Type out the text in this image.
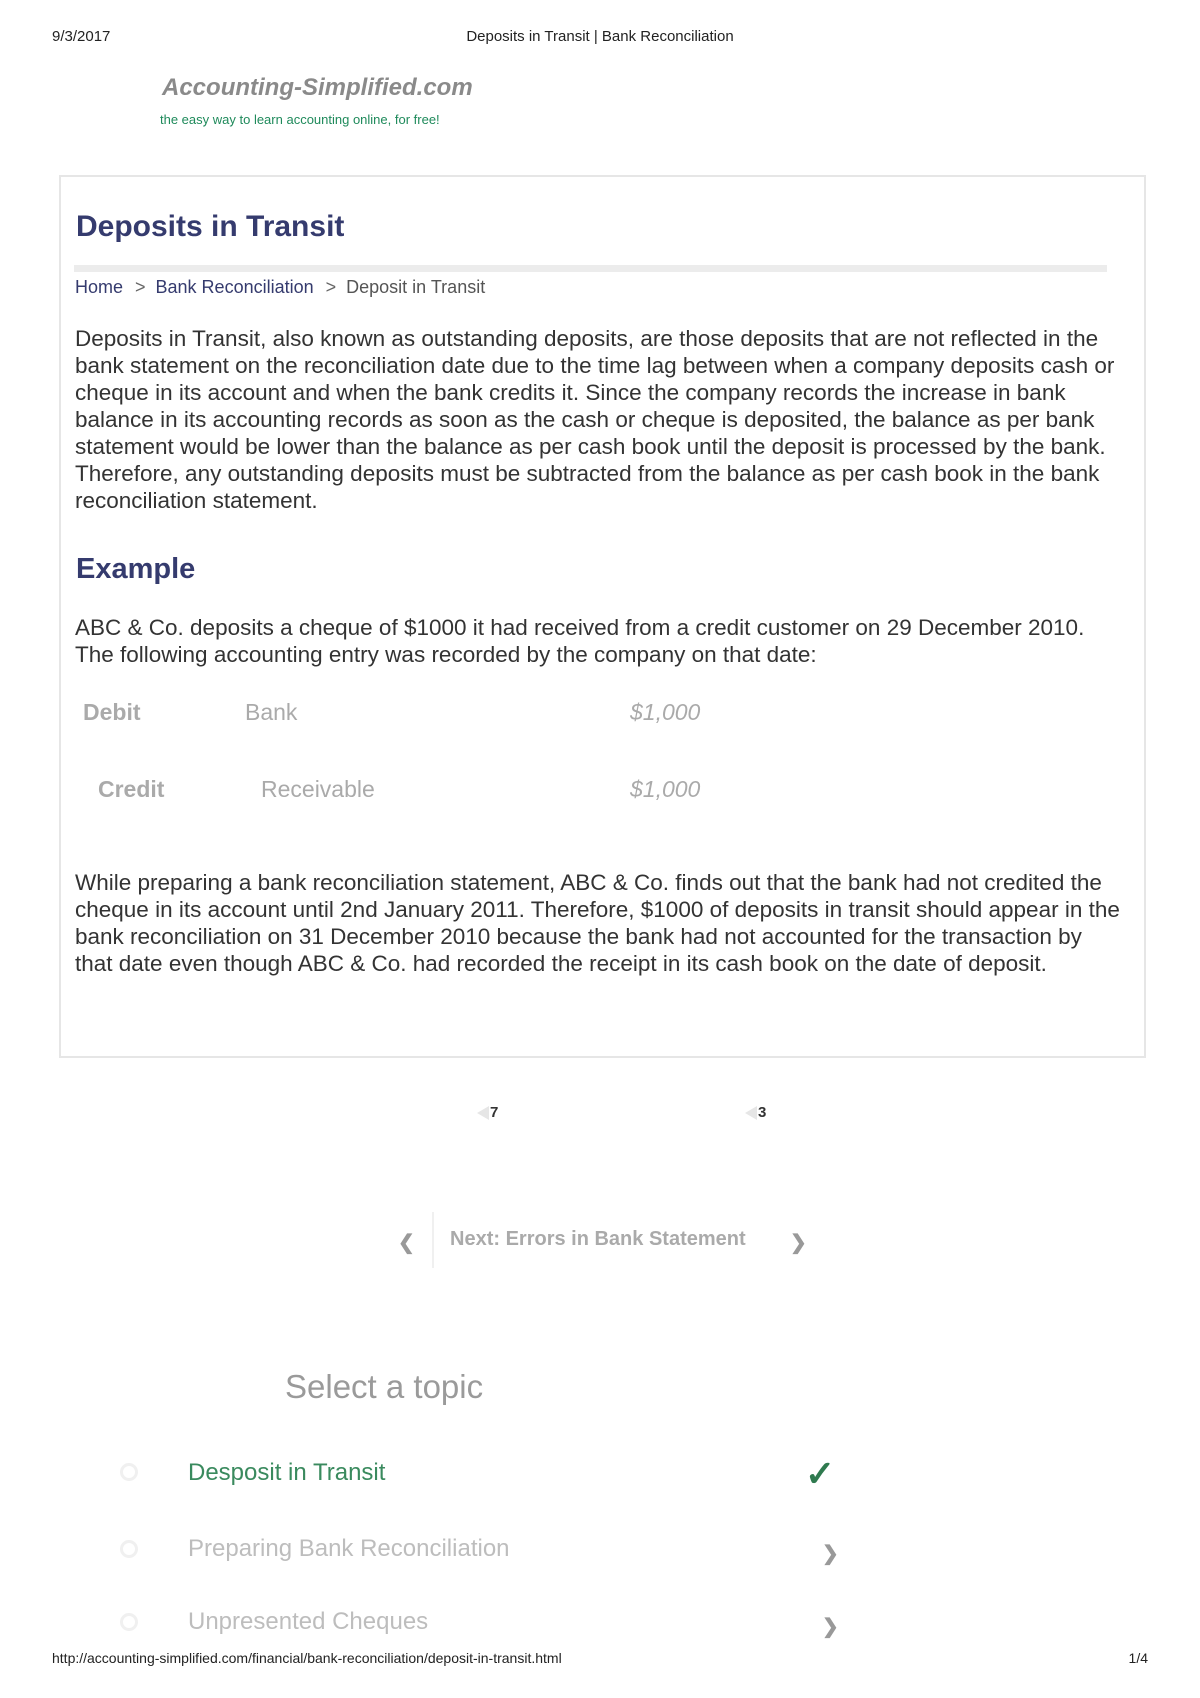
9/3/2017	Deposits in Transit | Bank Reconciliation
Accounting-Simplified.com
the easy way to learn accounting online, for free!
Deposits in Transit
Home > Bank Reconciliation > Deposit in Transit

Deposits in Transit, also known as outstanding deposits, are those deposits that are not reflected in the bank statement on the reconciliation date due to the time lag between when a company deposits cash or cheque in its account and when the bank credits it. Since the company records the increase in bank balance in its accounting records as soon as the cash or cheque is deposited, the balance as per bank statement would be lower than the balance as per cash book until the deposit is processed by the bank. Therefore, any outstanding deposits must be subtracted from the balance as per cash book in the bank reconciliation statement.

Example

ABC & Co. deposits a cheque of $1000 it had received from a credit customer on 29 December 2010. The following accounting entry was recorded by the company on that date:

Debit	Bank	$1,000
Credit	Receivable	$1,000

While preparing a bank reconciliation statement, ABC & Co. finds out that the bank had not credited the cheque in its account until 2nd January 2011. Therefore, $1000 of deposits in transit should appear in the bank reconciliation on 31 December 2010 because the bank had not accounted for the transaction by that date even though ABC & Co. had recorded the receipt in its cash book on the date of deposit.

7	3
❮ Next: Errors in Bank Statement ❯
Select a topic
Desposit in Transit	✓
Preparing Bank Reconciliation	❯
Unpresented Cheques	❯
http://accounting-simplified.com/financial/bank-reconciliation/deposit-in-transit.html	1/4
